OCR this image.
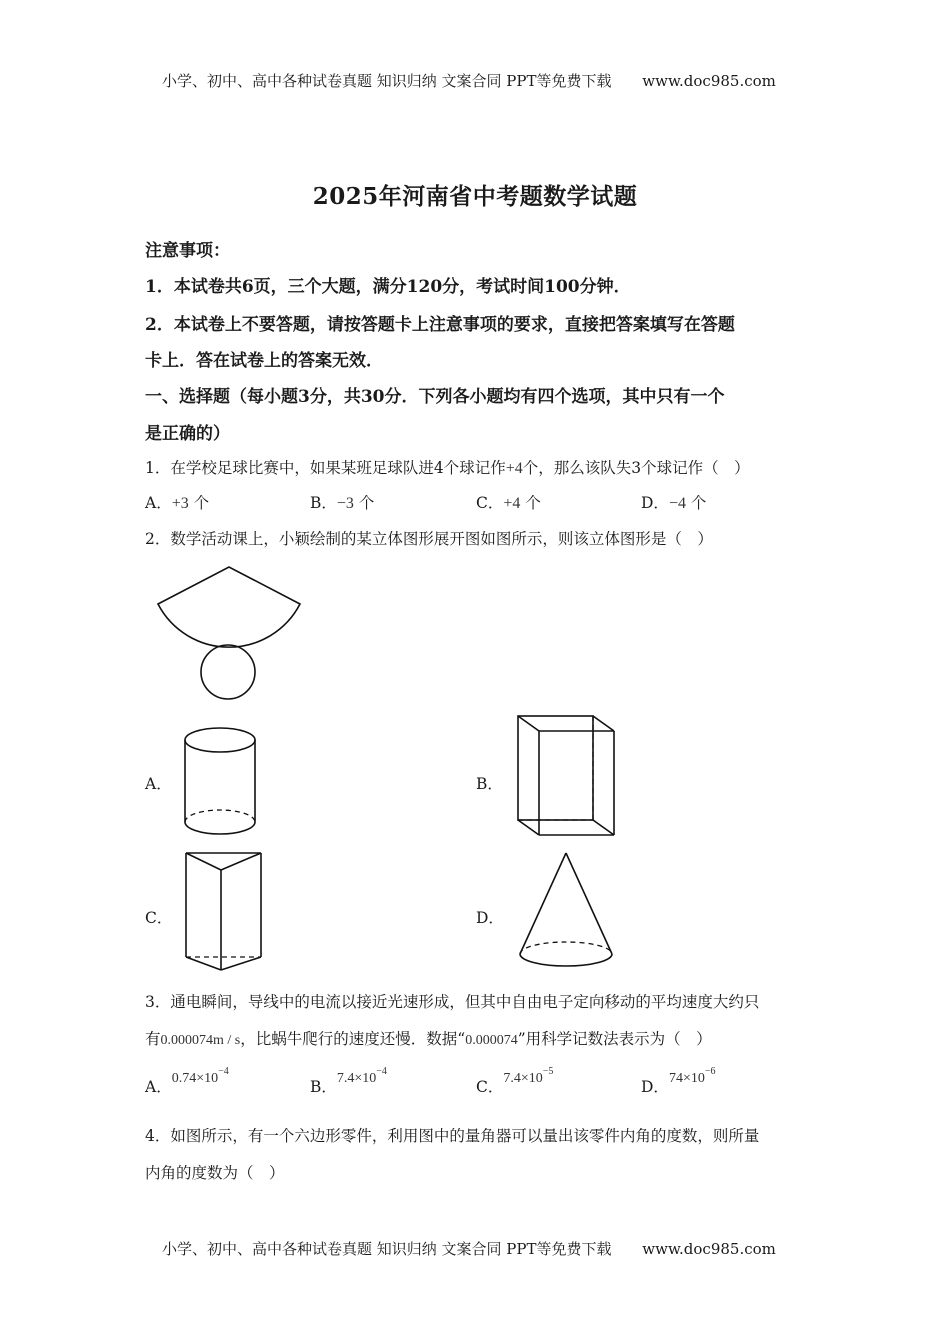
小学、初中、高中各种试卷真题 知识归纳 文案合同 PPT等免费下载 www.doc985.com
2025年河南省中考题数学试题
注意事项：
1．本试卷共6页，三个大题，满分120分，考试时间100分钟．
2．本试卷上不要答题，请按答题卡上注意事项的要求，直接把答案填写在答题
卡上．答在试卷上的答案无效．
一、选择题（每小题3分，共30分．下列各小题均有四个选项，其中只有一个
是正确的）
1．在学校足球比赛中，如果某班足球队进4个球记作+4个，那么该队失3个球记作（　）
A．+3 个	B．−3 个	C．+4 个	D．−4 个
2．数学活动课上，小颖绘制的某立体图形展开图如图所示，则该立体图形是（　）
A．	B．
C．	D．
3．通电瞬间，导线中的电流以接近光速形成，但其中自由电子定向移动的平均速度大约只
有0.000074m / s，比蜗牛爬行的速度还慢．数据“0.000074”用科学记数法表示为（　）
A．$0.74\times 10^{-4}$
B．$7.4\times 10^{-4}$
C．$7.4\times 10^{-5}$
D．$74\times 10^{-6}$
4．如图所示，有一个六边形零件，利用图中的量角器可以量出该零件内角的度数，则所量
内角的度数为（　）
小学、初中、高中各种试卷真题 知识归纳 文案合同 PPT等免费下载 www.doc985.com
